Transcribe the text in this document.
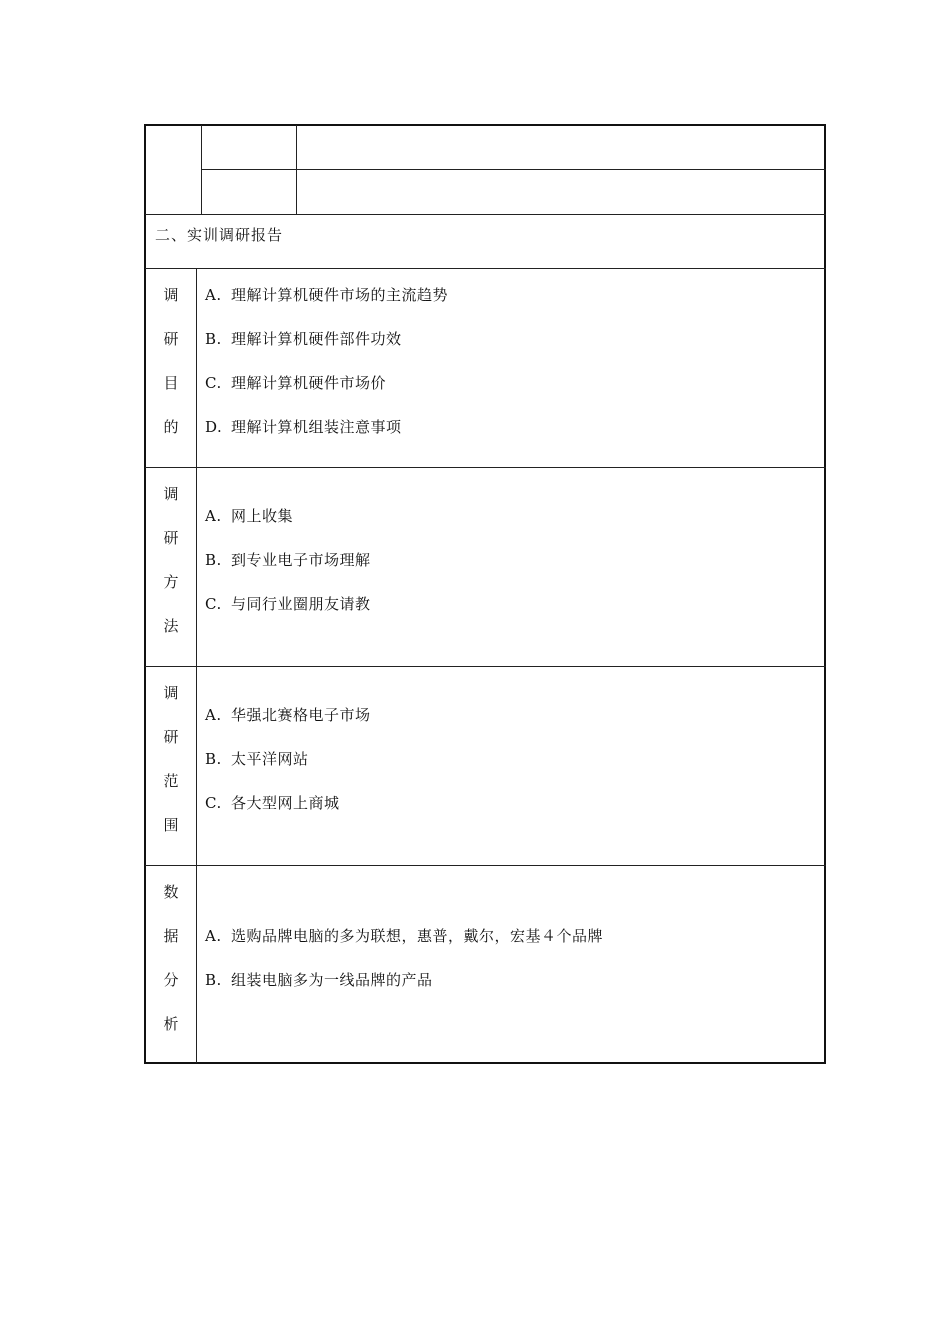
二、实训调研报告
调
研
目
的
A. 理解计算机硬件市场的主流趋势
B. 理解计算机硬件部件功效
C. 理解计算机硬件市场价
D. 理解计算机组装注意事项
调
研
方
法
A. 网上收集
B. 到专业电子市场理解
C. 与同行业圈朋友请教
调
研
范
围
A. 华强北赛格电子市场
B. 太平洋网站
C. 各大型网上商城
数
据
分
析
A. 选购品牌电脑的多为联想，惠普，戴尔，宏基４个品牌
B. 组装电脑多为一线品牌的产品
